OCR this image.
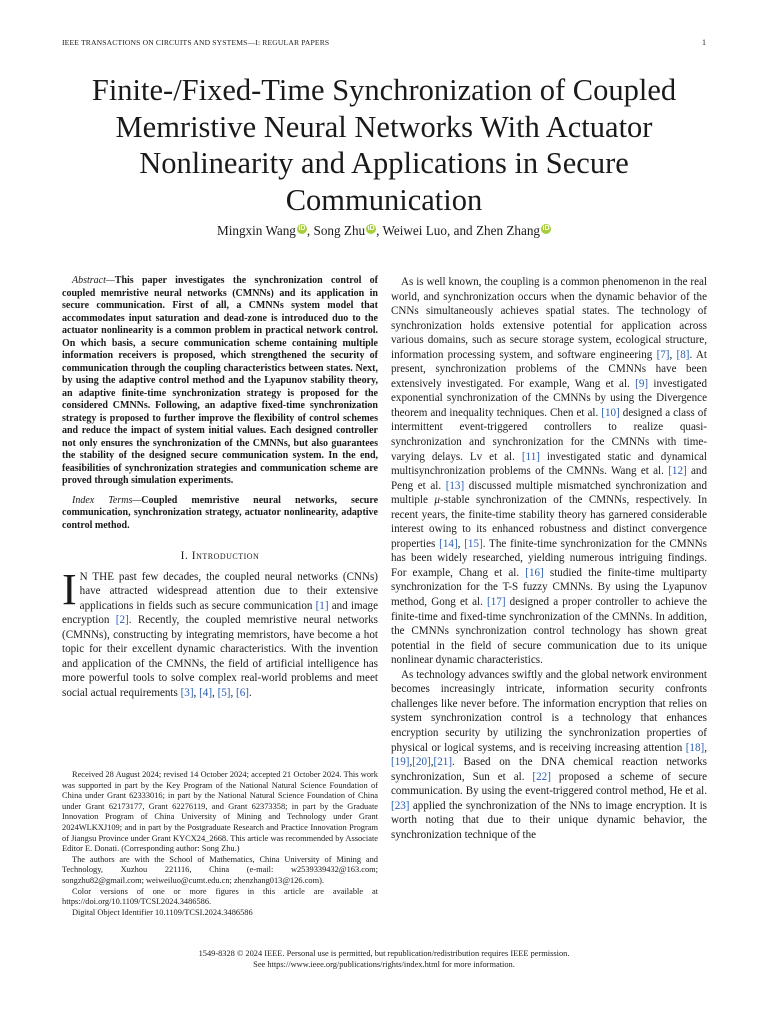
IEEE TRANSACTIONS ON CIRCUITS AND SYSTEMS—I: REGULAR PAPERS	1
Finite-/Fixed-Time Synchronization of Coupled Memristive Neural Networks With Actuator Nonlinearity and Applications in Secure Communication
Mingxin Wang iD , Song Zhu iD , Weiwei Luo, and Zhen Zhang iD

Abstract—This paper investigates the synchronization control of coupled memristive neural networks (CMNNs) and its application in secure communication. First of all, a CMNNs system model that accommodates input saturation and dead-zone is introduced duo to the actuator nonlinearity is a common problem in practical network control. On which basis, a secure communication scheme containing multiple information receivers is proposed, which strengthened the security of communication through the coupling characteristics between states. Next, by using the adaptive control method and the Lyapunov stability theory, an adaptive finite-time synchronization strategy is proposed for the considered CMNNs. Following, an adaptive fixed-time synchronization strategy is proposed to further improve the flexibility of control schemes and reduce the impact of system initial values. Each designed controller not only ensures the synchronization of the CMNNs, but also guarantees the stability of the designed secure communication system. In the end, feasibilities of synchronization strategies and communication scheme are proved through simulation experiments.

Index Terms—Coupled memristive neural networks, secure communication, synchronization strategy, actuator nonlinearity, adaptive control method.

I. Introduction

I N THE past few decades, the coupled neural networks (CNNs) have attracted widespread attention due to their extensive applications in fields such as secure communication [1] and image encryption [2]. Recently, the coupled memristive neural networks (CMNNs), constructing by integrating memristors, have become a hot topic for their excellent dynamic characteristics. With the invention and application of the CMNNs, the field of artificial intelligence has more powerful tools to solve complex real-world problems and meet social actual requirements [3], [4], [5], [6].

Received 28 August 2024; revised 14 October 2024; accepted 21 October 2024. This work was supported in part by the Key Program of the National Natural Science Foundation of China under Grant 62333016; in part by the National Natural Science Foundation of China under Grant 62173177, Grant 62276119, and Grant 62373358; in part by the Graduate Innovation Program of China University of Mining and Technology under Grant 2024WLKXJ109; and in part by the Postgraduate Research and Practice Innovation Program of Jiangsu Province under Grant KYCX24_2668. This article was recommended by Associate Editor E. Donati. (Corresponding author: Song Zhu.)

The authors are with the School of Mathematics, China University of Mining and Technology, Xuzhou 221116, China (e-mail: w2539339432@163.com; songzhu82@gmail.com; weiweiluo@cumt.edu.cn; zhenzhang013@126.com).

Color versions of one or more figures in this article are available at https://doi.org/10.1109/TCSI.2024.3486586.

Digital Object Identifier 10.1109/TCSI.2024.3486586

As is well known, the coupling is a common phenomenon in the real world, and synchronization occurs when the dynamic behavior of the CNNs simultaneously achieves spatial states. The technology of synchronization holds extensive potential for application across various domains, such as secure storage system, ecological structure, information processing system, and software engineering [7], [8]. At present, synchronization problems of the CMNNs have been extensively investigated. For example, Wang et al. [9] investigated exponential synchronization of the CMNNs by using the Divergence theorem and inequality techniques. Chen et al. [10] designed a class of intermittent event-triggered controllers to realize quasi-synchronization and synchronization for the CMNNs with time-varying delays. Lv et al. [11] investigated static and dynamical multisynchronization problems of the CMNNs. Wang et al. [12] and Peng et al. [13] discussed multiple mismatched synchronization and multiple μ-stable synchronization of the CMNNs, respectively. In recent years, the finite-time stability theory has garnered considerable interest owing to its enhanced robustness and distinct convergence properties [14], [15]. The finite-time synchronization for the CMNNs has been widely researched, yielding numerous intriguing findings. For example, Chang et al. [16] studied the finite-time multiparty synchronization for the T-S fuzzy CMNNs. By using the Lyapunov method, Gong et al. [17] designed a proper controller to achieve the finite-time and fixed-time synchronization of the CMNNs. In addition, the CMNNs synchronization control technology has shown great potential in the field of secure communication due to its unique nonlinear dynamic characteristics.

As technology advances swiftly and the global network environment becomes increasingly intricate, information security confronts challenges like never before. The information encryption that relies on system synchronization control is a technology that enhances encryption security by utilizing the synchronization properties of physical or logical systems, and is receiving increasing attention [18],[19],[20],[21]. Based on the DNA chemical reaction networks synchronization, Sun et al. [22] proposed a scheme of secure communication. By using the event-triggered control method, He et al. [23] applied the synchronization of the NNs to image encryption. It is worth noting that due to their unique dynamic behavior, the synchronization technique of the

1549-8328 © 2024 IEEE. Personal use is permitted, but republication/redistribution requires IEEE permission.
See https://www.ieee.org/publications/rights/index.html for more information.
